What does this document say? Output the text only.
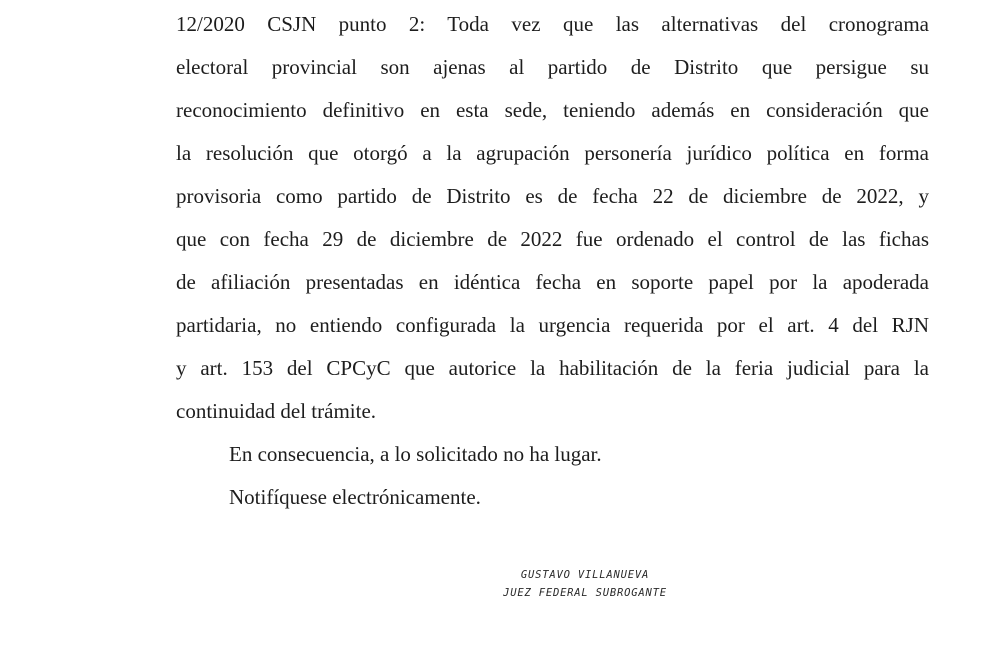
12/2020 CSJN punto 2: Toda vez que las alternativas del cronograma
electoral provincial son ajenas al partido de Distrito que persigue su
reconocimiento definitivo en esta sede, teniendo además en consideración que
la resolución que otorgó a la agrupación personería jurídico política en forma
provisoria como partido de Distrito es de fecha 22 de diciembre de 2022, y
que con fecha 29 de diciembre de 2022 fue ordenado el control de las fichas
de afiliación presentadas en idéntica fecha en soporte papel por la apoderada
partidaria, no entiendo configurada la urgencia requerida por el art. 4 del RJN
y art. 153 del CPCyC que autorice la habilitación de la feria judicial para la
continuidad del trámite.
En consecuencia, a lo solicitado no ha lugar.
Notifíquese electrónicamente.
GUSTAVO VILLANUEVA
JUEZ FEDERAL SUBROGANTE
